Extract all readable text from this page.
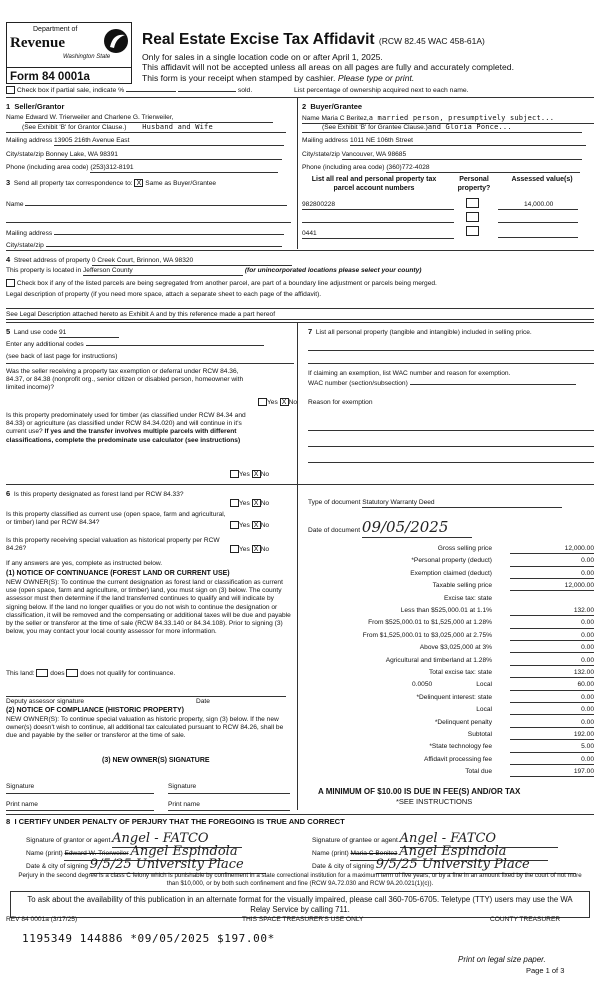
Department of
Revenue
Washington State
Form 84 0001a
Real Estate Excise Tax Affidavit (RCW 82.45 WAC 458-61A)
Only for sales in a single location code on or after April 1, 2025.
This affidavit will not be accepted unless all areas on all pages are fully and accurately completed.
This form is your receipt when stamped by cashier. Please type or print.
Check box if partial sale, indicate %	sold.	List percentage of ownership acquired next to each name.
1  Seller/Grantor
Name Edward W. Trierweiler and Charlene G. Trierweiler,
(See Exhibit 'B' for Grantor Clause.) Husband and Wife
Mailing address 13905 216th Avenue East
City/state/zip Bonney Lake, WA 98391
Phone (including area code) (253)312-8191
2  Buyer/Grantee
Name Maria C Beritez,a married person, presumptively subject...
(See Exhibit 'B' for Grantee Clause.)and Gloria Ponce...
Mailing address 1011 NE 106th Street
City/state/zip Vancouver, WA 98685
Phone (including area code) (360)772-4028
3 Send all property tax correspondence to: X Same as Buyer/Grantee
Name
Mailing address
City/state/zip
List all real and personal property tax parcel account numbers
Personal property?
Assessed value(s)
982800228	14,000.00
0441
4 Street address of property 0 Creek Court, Brinnon, WA 98320
This property is located in Jefferson County	(for unincorporated locations please select your county)
Check box if any of the listed parcels are being segregated from another parcel, are part of a boundary line adjustment or parcels being merged.
Legal description of property (if you need more space, attach a separate sheet to each page of the affidavit).
See Legal Description attached hereto as Exhibit A and by this reference made a part hereof
5 Land use code 91
Enter any additional codes
(see back of last page for instructions)
Was the seller receiving a property tax exemption or deferral under RCW 84.36, 84.37, or 84.38 (nonprofit org., senior citizen or disabled person, homeowner with limited income)?
Yes X No
Is this property predominately used for timber (as classified under RCW 84.34 and 84.33) or agriculture (as classified under RCW 84.34.020) and will continue in it's current use? If yes and the transfer involves multiple parcels with different classifications, complete the predominate use calculator (see instructions)
Yes X No
7 List all personal property (tangible and intangible) included in selling price.
If claiming an exemption, list WAC number and reason for exemption.
WAC number (section/subsection)
Reason for exemption
6 Is this property designated as forest land per RCW 84.33?
Yes X No
Is this property classified as current use (open space, farm and agricultural, or timber) land per RCW 84.34?	Yes X No
Is this property receiving special valuation as historical property per RCW 84.26?	Yes X No
If any answers are yes, complete as instructed below.
(1) NOTICE OF CONTINUANCE (FOREST LAND OR CURRENT USE)
NEW OWNER(S): To continue the current designation as forest land or classification as current use (open space, farm and agriculture, or timber) land, you must sign on (3) below. The county assessor must then determine if the land transferred continues to qualify and will indicate by signing below. If the land no longer qualifies or you do not wish to continue the designation or classification, it will be removed and the compensating or additional taxes will be due and payable by the seller or transferor at the time of sale (RCW 84.33.140 or 84.34.108). Prior to signing (3) below, you may contact your local county assessor for more information.
This land: does does not qualify for continuance.
Deputy assessor signature	Date
(2) NOTICE OF COMPLIANCE (HISTORIC PROPERTY)
NEW OWNER(S): To continue special valuation as historic property, sign (3) below. If the new owner(s) doesn't wish to continue, all additional tax calculated pursuant to RCW 84.26, shall be due and payable by the seller or transferor at the time of sale.
(3) NEW OWNER(S) SIGNATURE
Signature	Signature
Print name	Print name
Type of document Statutory Warranty Deed
Date of document 09/05/2025
Gross selling price	12,000.00
*Personal property (deduct)	0.00
Exemption claimed (deduct)	0.00
Taxable selling price	12,000.00
Excise tax: state
Less than $525,000.01 at 1.1%	132.00
From $525,000.01 to $1,525,000 at 1.28%	0.00
From $1,525,000.01 to $3,025,000 at 2.75%	0.00
Above $3,025,000 at 3%	0.00
Agricultural and timberland at 1.28%	0.00
Total excise tax: state	132.00
Local	60.00
*Delinquent interest: state	0.00
Local	0.00
*Delinquent penalty	0.00
Subtotal	192.00
*State technology fee	5.00
Affidavit processing fee	0.00
Total due	197.00
0.0050
A MINIMUM OF $10.00 IS DUE IN FEE(S) AND/OR TAX
*SEE INSTRUCTIONS
8  I CERTIFY UNDER PENALTY OF PERJURY THAT THE FOREGOING IS TRUE AND CORRECT
Signature of grantor or agent Angel - FATCO
Name (print) Edward W. Trierweiler Angel Espindola
Date & city of signing 9/5/25 University Place
Signature of grantee or agent Angel - FATCO
Name (print) Maria C Benitez Angel Espindola
Date & city of signing 9/5/25 University Place
Perjury in the second degree is a class C felony which is punishable by confinement in a state correctional institution for a maximum term of five years, or by a fine in an amount fixed by the court of not more than $10,000, or by both such confinement and fine (RCW 9A.72.030 and RCW 9A.20.021(1)(c)).
To ask about the availability of this publication in an alternate format for the visually impaired, please call 360-705-6705. Teletype (TTY) users may use the WA Relay Service by calling 711.
REV 84 0001a (3/17/25)	THIS SPACE TREASURER'S USE ONLY	COUNTY TREASURER
1195349 144886 *09/05/2025 $197.00*
Print on legal size paper.
Page 1 of 3
